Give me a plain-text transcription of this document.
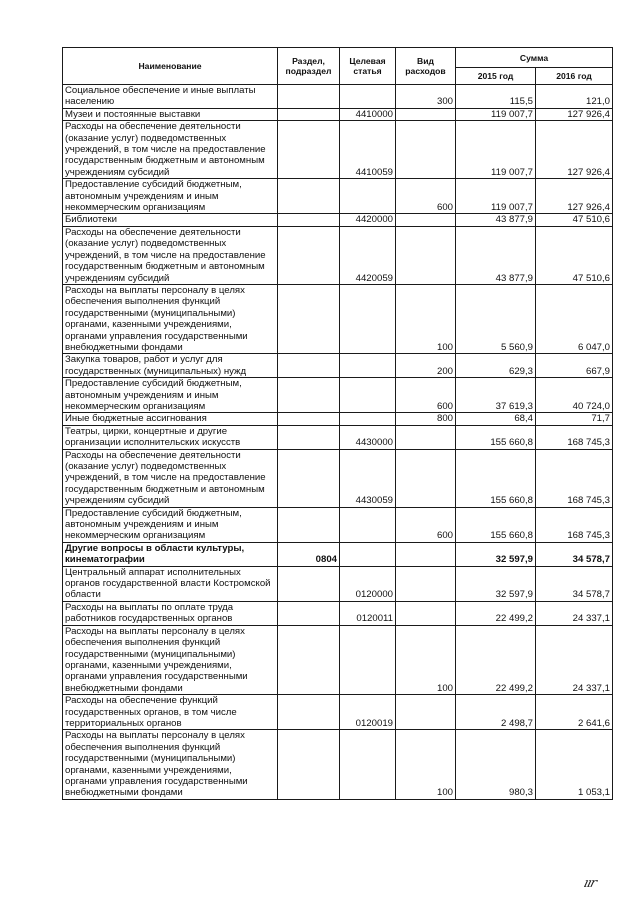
Наименование	Раздел, подраздел	Целевая статья	Вид расходов	Сумма	
				2015 год	2016 год
Социальное обеспечение и иные выплаты населению			300	115,5	121,0
Музеи и постоянные выставки		4410000		119 007,7	127 926,4
Расходы на обеспечение деятельности (оказание услуг) подведомственных учреждений, в том числе на предоставление государственным бюджетным и автономным учреждениям субсидий		4410059		119 007,7	127 926,4
Предоставление субсидий бюджетным, автономным учреждениям и иным некоммерческим организациям			600	119 007,7	127 926,4
Библиотеки		4420000		43 877,9	47 510,6
Расходы на обеспечение деятельности (оказание услуг) подведомственных учреждений, в том числе на предоставление государственным бюджетным и автономным учреждениям субсидий		4420059		43 877,9	47 510,6
Расходы на выплаты персоналу в целях обеспечения выполнения функций государственными (муниципальными) органами, казенными учреждениями, органами управления государственными внебюджетными фондами			100	5 560,9	6 047,0
Закупка товаров, работ и услуг для государственных (муниципальных) нужд			200	629,3	667,9
Предоставление субсидий бюджетным, автономным учреждениям и иным некоммерческим организациям			600	37 619,3	40 724,0
Иные бюджетные ассигнования			800	68,4	71,7
Театры, цирки, концертные и другие организации исполнительских искусств		4430000		155 660,8	168 745,3
Расходы на обеспечение деятельности (оказание услуг) подведомственных учреждений, в том числе на предоставление государственным бюджетным и автономным учреждениям субсидий		4430059		155 660,8	168 745,3
Предоставление субсидий бюджетным, автономным учреждениям и иным некоммерческим организациям			600	155 660,8	168 745,3
Другие вопросы в области культуры, кинематографии	0804			32 597,9	34 578,7
Центральный аппарат исполнительных органов государственной власти Костромской области		0120000		32 597,9	34 578,7
Расходы на выплаты по оплате труда работников государственных органов		0120011		22 499,2	24 337,1
Расходы на выплаты персоналу в целях обеспечения выполнения функций государственными (муниципальными) органами, казенными учреждениями, органами управления государственными внебюджетными фондами			100	22 499,2	24 337,1
Расходы на обеспечение функций государственных органов, в том числе территориальных органов		0120019		2 498,7	2 641,6
Расходы на выплаты персоналу в целях обеспечения выполнения функций государственными (муниципальными) органами, казенными учреждениями, органами управления государственными внебюджетными фондами			100	980,3	1 053,1
ıır
